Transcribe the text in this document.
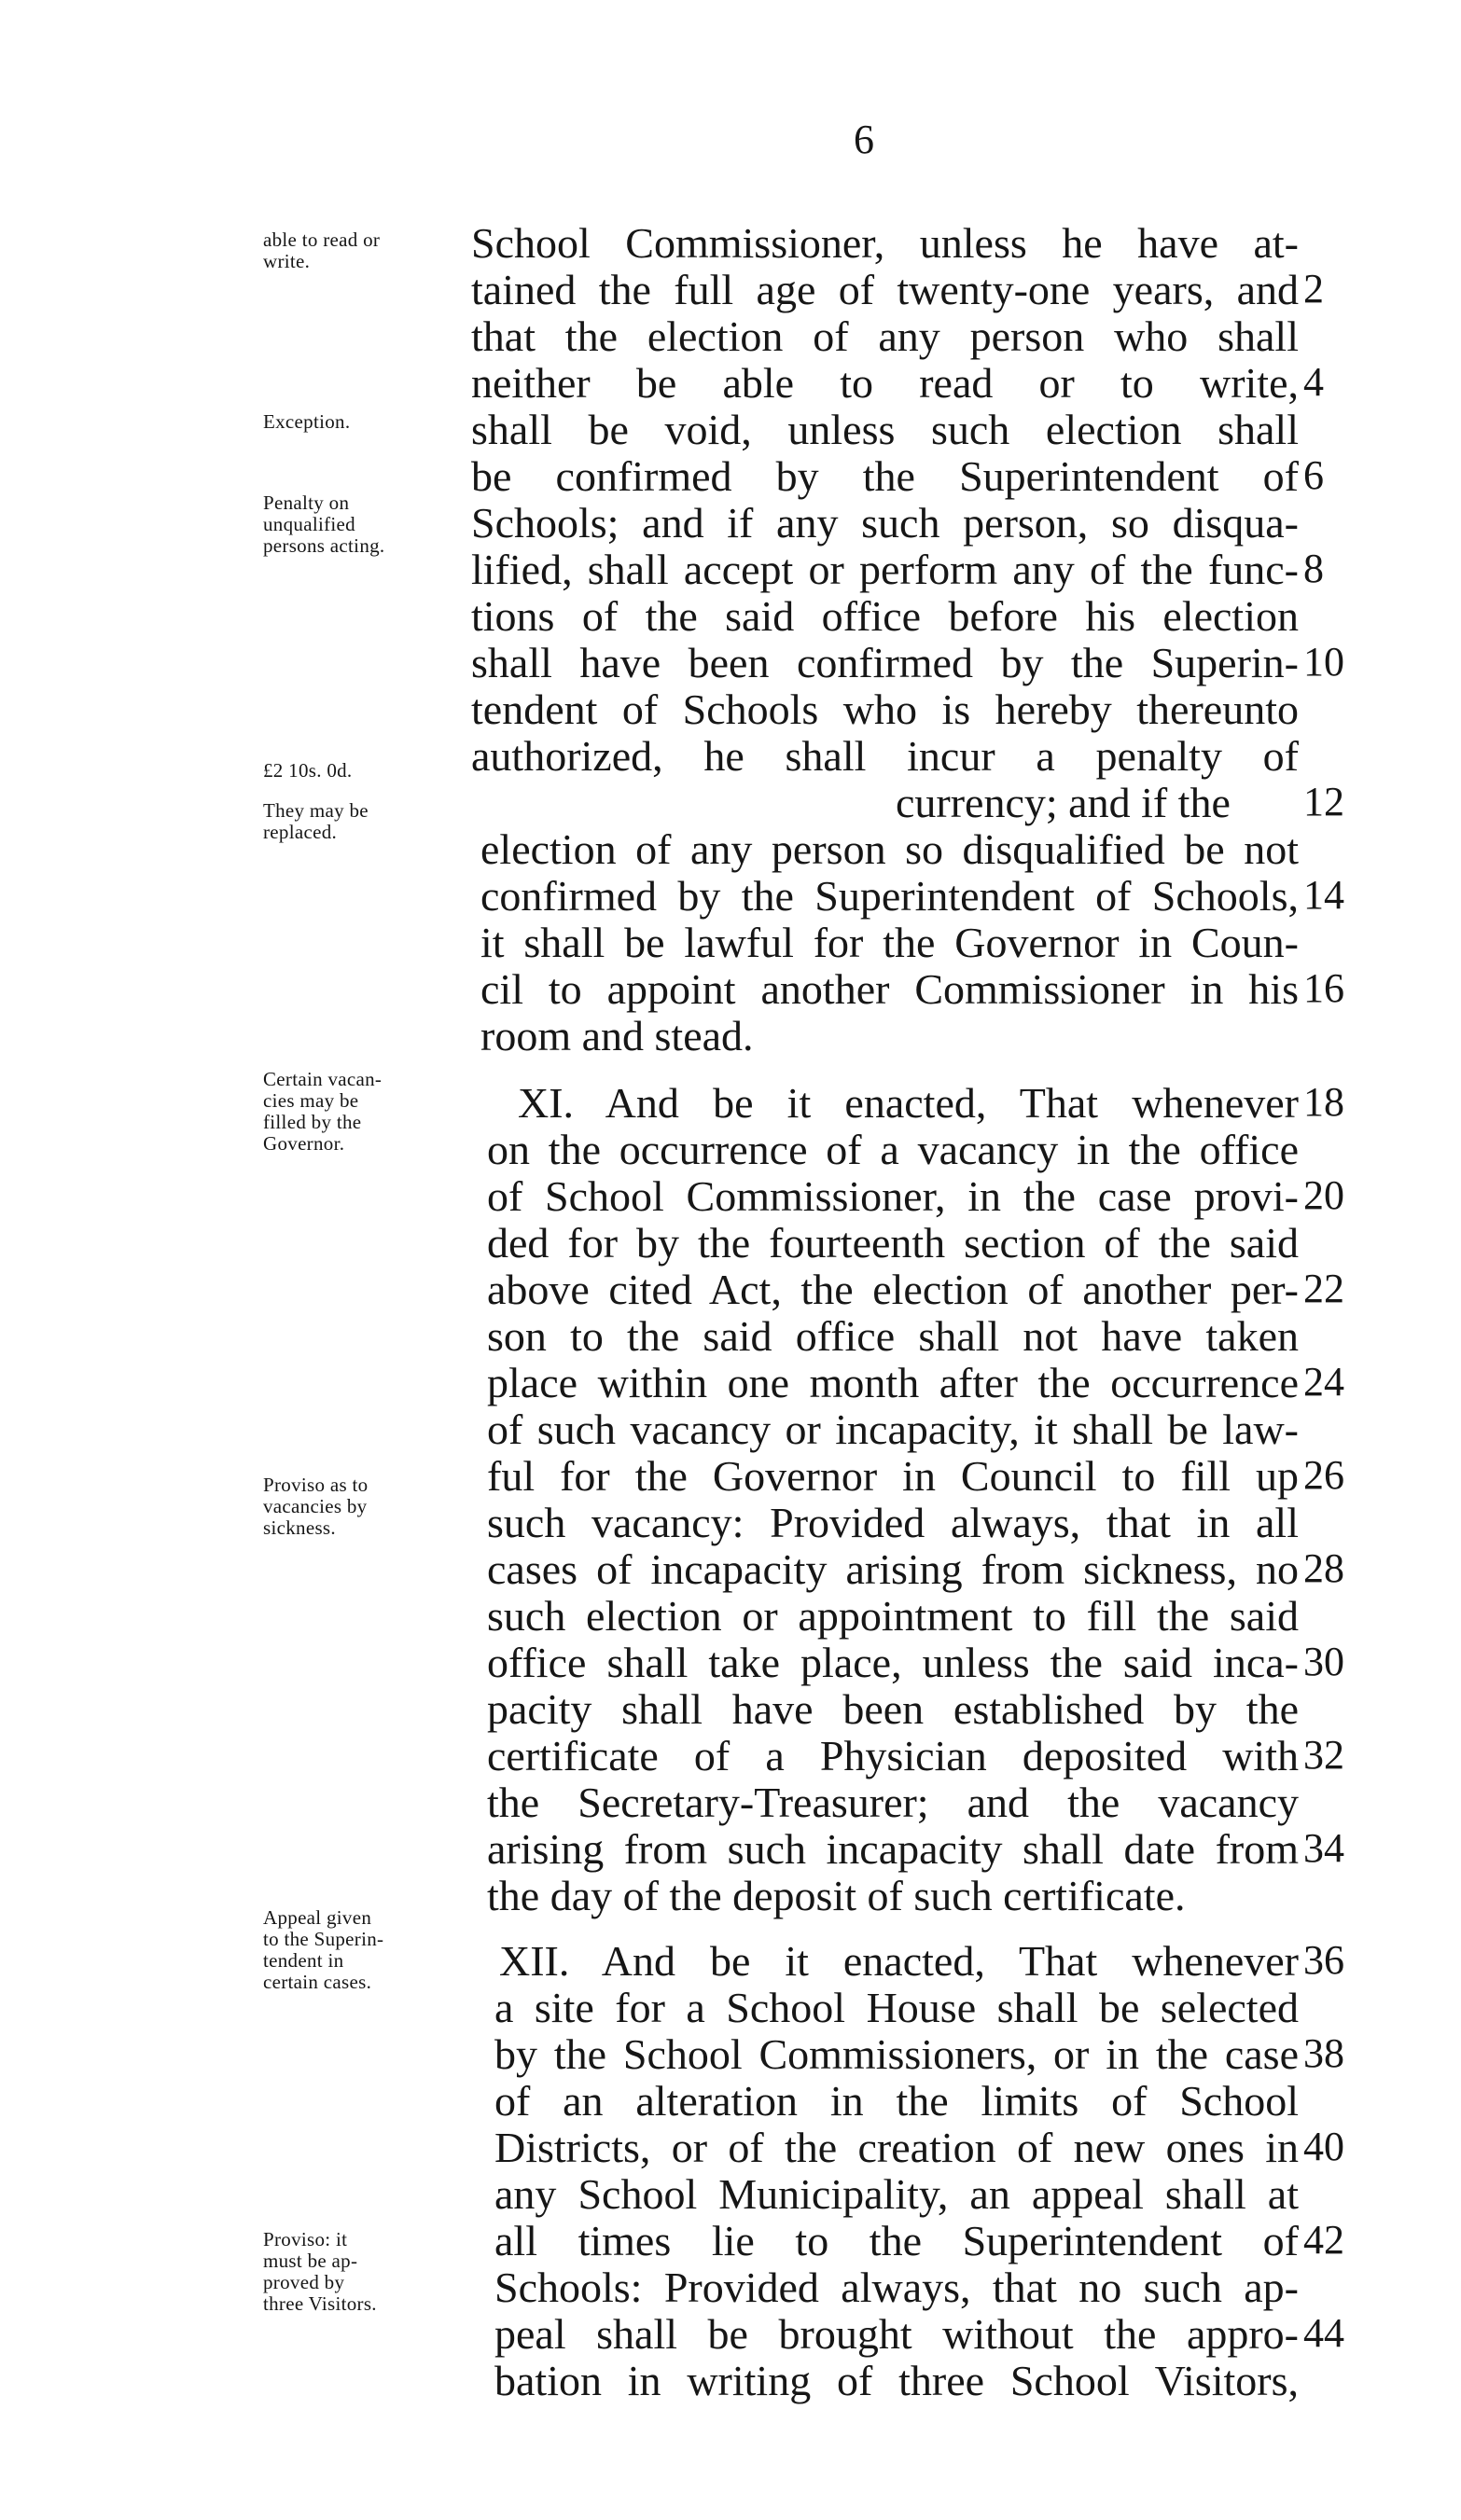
6
able to read or
write.
Exception.
Penalty on
unqualified
persons acting.
£2 10s. 0d.
They may be
replaced.
Certain vacan-
cies may be
filled by the
Governor.
Proviso as to
vacancies by
sickness.
Appeal given
to the Superin-
tendent in
certain cases.
Proviso: it
must be ap-
proved by
three Visitors.
School Commissioner, unless he have at-
tained the full age of twenty-one years, and 2
that the election of any person who shall
neither be able to read or to write, 4
shall be void, unless such election shall
be confirmed by the Superintendent of 6
Schools; and if any such person, so disqua-
lified, shall accept or perform any of the func- 8
tions of the said office before his election
shall have been confirmed by the Superin- 10
tendent of Schools who is hereby thereunto
authorized, he shall incur a penalty of
currency; and if the 12
election of any person so disqualified be not
confirmed by the Superintendent of Schools, 14
it shall be lawful for the Governor in Coun-
cil to appoint another Commissioner in his 16
room and stead.
XI. And be it enacted, That whenever 18
on the occurrence of a vacancy in the office
of School Commissioner, in the case provi- 20
ded for by the fourteenth section of the said
above cited Act, the election of another per- 22
son to the said office shall not have taken
place within one month after the occurrence 24
of such vacancy or incapacity, it shall be law-
ful for the Governor in Council to fill up 26
such vacancy: Provided always, that in all
cases of incapacity arising from sickness, no 28
such election or appointment to fill the said
office shall take place, unless the said inca- 30
pacity shall have been established by the
certificate of a Physician deposited with 32
the Secretary-Treasurer; and the vacancy
arising from such incapacity shall date from 34
the day of the deposit of such certificate.
XII. And be it enacted, That whenever 36
a site for a School House shall be selected
by the School Commissioners, or in the case 38
of an alteration in the limits of School
Districts, or of the creation of new ones in 40
any School Municipality, an appeal shall at
all times lie to the Superintendent of 42
Schools: Provided always, that no such ap-
peal shall be brought without the appro- 44
bation in writing of three School Visitors,
